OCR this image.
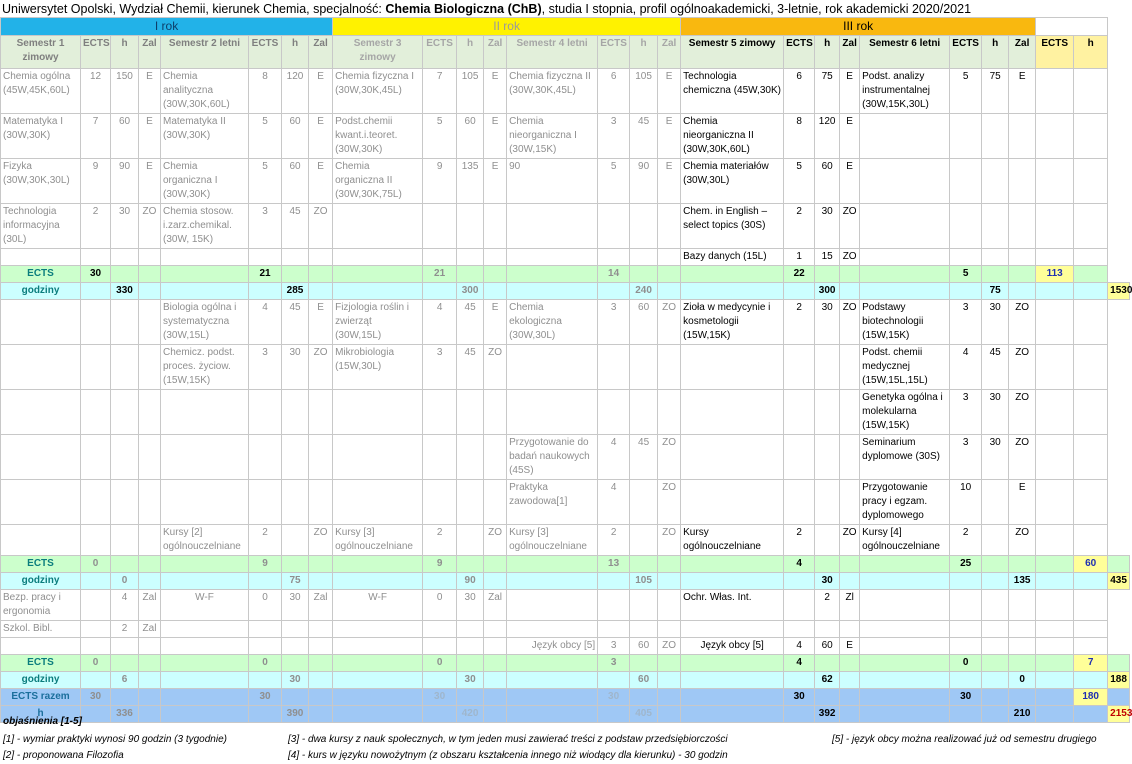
Uniwersytet Opolski, Wydział Chemii, kierunek Chemia, specjalność: Chemia Biologiczna (ChB), studia I stopnia, profil ogólnoakademicki, 3-letnie, rok akademicki 2020/2021
I rok								II rok								III rok										
Semestr 1 zimowy	ECTS	h	Zal	Semestr 2 letni	ECTS	h	Zal	Semestr 3 zimowy	ECTS	h	Zal	Semestr 4 letni	ECTS	h	Zal	Semestr 5 zimowy	ECTS	h	Zal	Semestr 6 letni	ECTS	h	Zal	ECTS	h	
Chemia ogólna (45W,45K,60L)	12	150	E	Chemia analityczna (30W,30K,60L)	8	120	E	Chemia fizyczna I (30W,30K,45L)	7	105	E	Chemia fizyczna II (30W,30K,45L)	6	105	E	Technologia chemiczna (45W,30K)	6	75	E	Podst. analizy instrumentalnej (30W,15K,30L)	5	75	E			
Matematyka I (30W,30K)	7	60	E	Matematyka II (30W,30K)	5	60	E	Podst.chemii kwant.i.teoret. (30W,30K)	5	60	E	Chemia nieorganiczna I (30W,15K)	3	45	E	Chemia nieorganiczna II (30W,30K,60L)	8	120	E							
Fizyka (30W,30K,30L)	9	90	E	Chemia organiczna I (30W,30K)	5	60	E	Chemia organiczna II (30W,30K,75L)	9	135	E	90	5	90	E	Chemia materiałów (30W,30L)	5	60	E							
Technologia informacyjna (30L)	2	30	ZO	Chemia stosow. i.zarz.chemikal. (30W, 15K)	3	45	ZO									Chem. in English – select topics (30S)	2	30	ZO							
																Bazy danych (15L)	1	15	ZO							
ECTS	30				21				21				14				22				5			113		
godziny		330				285				300				240				300				75				1530
				Biologia ogólna i systematyczna (30W,15L)	4	45	E	Fizjologia roślin i zwierząt (30W,15L)	4	45	E	Chemia ekologiczna (30W,30L)	3	60	ZO	Zioła w medycynie i kosmetologii (15W,15K)	2	30	ZO	Podstawy biotechnologii (15W,15K)	3	30	ZO			
				Chemicz. podst. proces. życiow. (15W,15K)	3	30	ZO	Mikrobiologia (15W,30L)	3	45	ZO									Podst. chemii medycznej (15W,15L,15L)	4	45	ZO			
																				Genetyka ogólna i molekularna (15W,15K)	3	30	ZO			
												Przygotowanie do badań naukowych (45S)	4	45	ZO					Seminarium dyplomowe (30S)	3	30	ZO			
												Praktyka zawodowa[1]	4		ZO					Przygotowanie pracy i egzam. dyplomowego	10		E			
				Kursy [2] ogólnouczelniane	2		ZO	Kursy [3] ogólnouczelniane	2		ZO	Kursy [3] ogólnouczelniane	2		ZO	Kursy ogólnouczelniane	2		ZO	Kursy [4] ogólnouczelniane	2		ZO			
ECTS	0				9				9				13				4				25				60	
godziny		0				75				90				105				30					135			435
Bezp. pracy i ergonomia		4	Zal	W-F	0	30	Zal	W-F	0	30	Zal					Ochr. Włas. Int.		2	Zl							
Szkol. Bibl.		2	Zal																							
												Język obcy [5]	3	60	ZO	Język obcy [5]	4	60	E							
ECTS	0				0				0				3				4				0				7	
godziny		6				30				30				60				62					0			188
ECTS razem	30				30				30				30				30				30				180	
h		336				390				420				405				392					210			2153
objaśnienia [1-5]
[1] - wymiar praktyki wynosi 90 godzin (3 tygodnie)
[2] - proponowana Filozofia
[3] - dwa kursy z nauk społecznych, w tym jeden musi zawierać treści z podstaw przedsiębiorczości
[4] - kurs w języku nowożytnym (z obszaru kształcenia innego niż wiodący dla kierunku) - 30 godzin
[5] - język obcy można realizować już od semestru drugiego
